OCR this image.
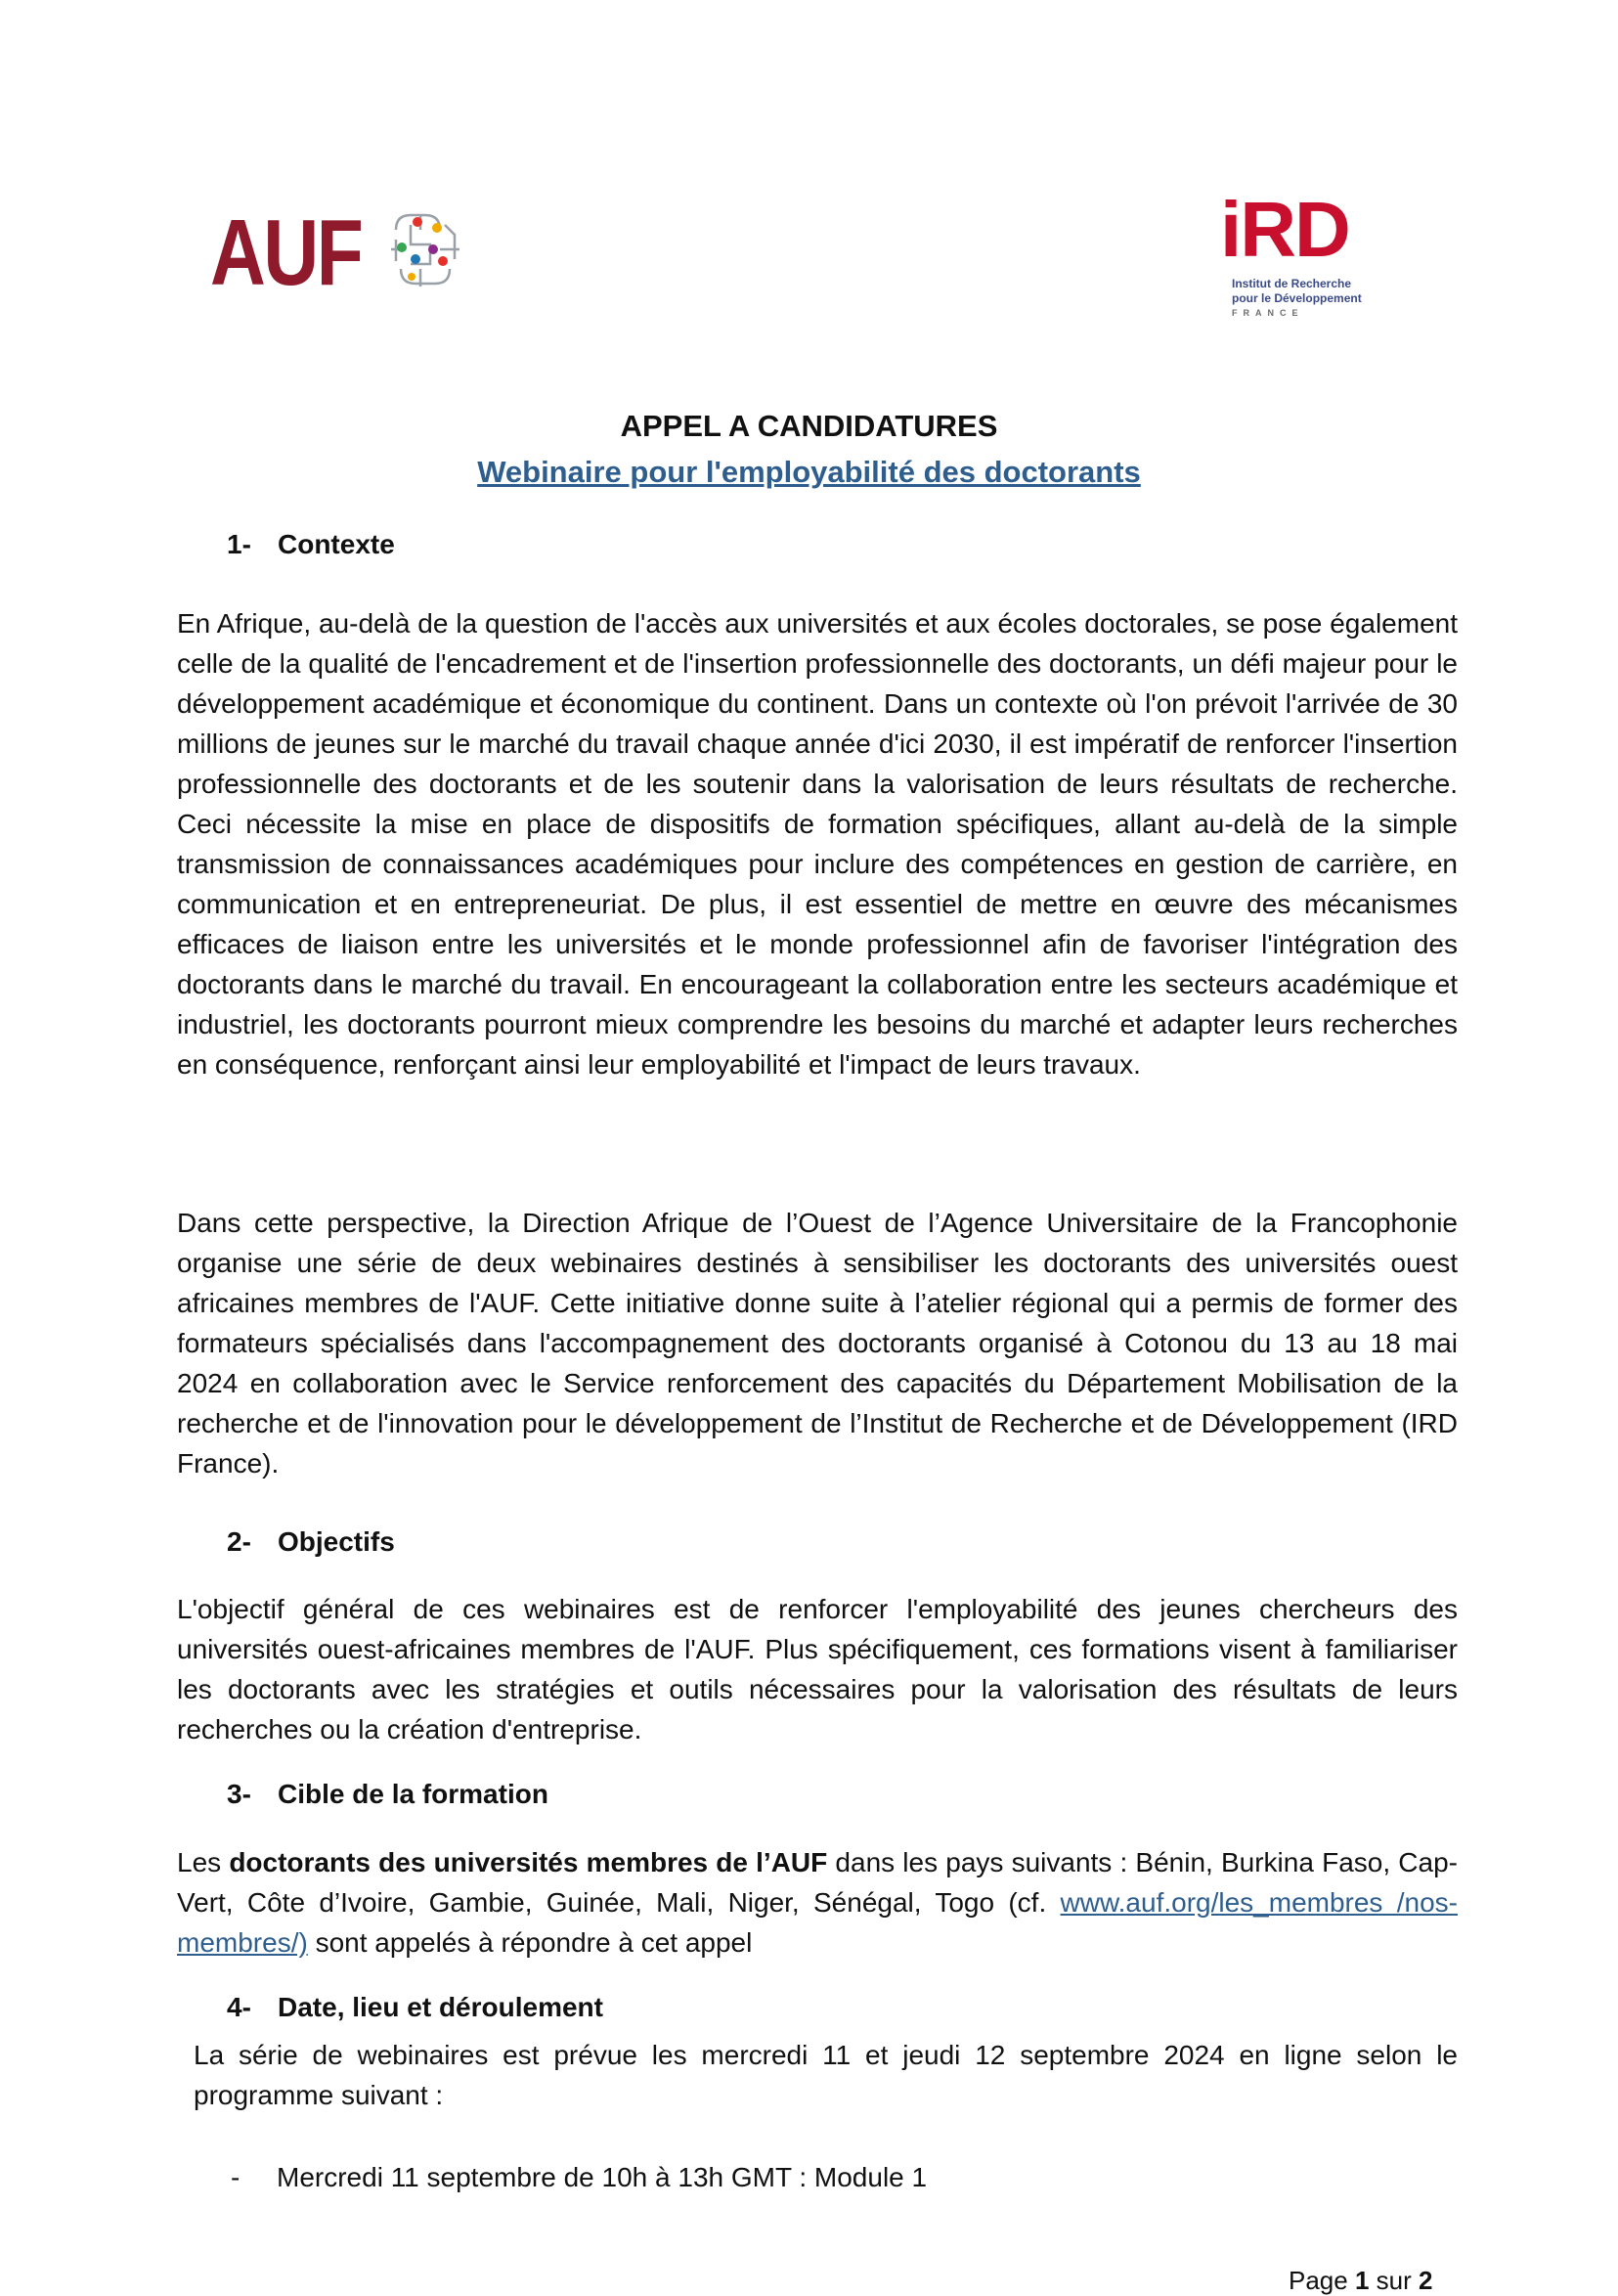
AUF	iRD
Institut de Recherche
pour le Développement
FRANCE
APPEL A CANDIDATURES
Webinaire pour l'employabilité des doctorants
1- Contexte

En Afrique, au-delà de la question de l'accès aux universités et aux écoles doctorales, se pose également celle de la qualité de l'encadrement et de l'insertion professionnelle des doctorants, un défi majeur pour le développement académique et économique du continent. Dans un contexte où l'on prévoit l'arrivée de 30 millions de jeunes sur le marché du travail chaque année d'ici 2030, il est impératif de renforcer l'insertion professionnelle des doctorants et de les soutenir dans la valorisation de leurs résultats de recherche. Ceci nécessite la mise en place de dispositifs de formation spécifiques, allant au-delà de la simple transmission de connaissances académiques pour inclure des compétences en gestion de carrière, en communication et en entrepreneuriat. De plus, il est essentiel de mettre en œuvre des mécanismes efficaces de liaison entre les universités et le monde professionnel afin de favoriser l'intégration des doctorants dans le marché du travail. En encourageant la collaboration entre les secteurs académique et industriel, les doctorants pourront mieux comprendre les besoins du marché et adapter leurs recherches en conséquence, renforçant ainsi leur employabilité et l'impact de leurs travaux.

Dans cette perspective, la Direction Afrique de l’Ouest de l’Agence Universitaire de la Francophonie organise une série de deux webinaires destinés à sensibiliser les doctorants des universités ouest africaines membres de l'AUF. Cette initiative donne suite à l’atelier régional qui a permis de former des formateurs spécialisés dans l'accompagnement des doctorants organisé à Cotonou du 13 au 18 mai 2024 en collaboration avec le Service renforcement des capacités du Département Mobilisation de la recherche et de l'innovation pour le développement de l’Institut de Recherche et de Développement (IRD France).

2- Objectifs

L'objectif général de ces webinaires est de renforcer l'employabilité des jeunes chercheurs des universités ouest-africaines membres de l'AUF. Plus spécifiquement, ces formations visent à familiariser les doctorants avec les stratégies et outils nécessaires pour la valorisation des résultats de leurs recherches ou la création d'entreprise.

3- Cible de la formation

Les doctorants des universités membres de l’AUF dans les pays suivants : Bénin, Burkina Faso, Cap-Vert, Côte d’Ivoire, Gambie, Guinée, Mali, Niger, Sénégal, Togo (cf. www.auf.org/les_membres /nos-membres/) sont appelés à répondre à cet appel

4- Date, lieu et déroulement

La série de webinaires est prévue les mercredi 11 et jeudi 12 septembre 2024 en ligne selon le programme suivant :

- Mercredi 11 septembre de 10h à 13h GMT : Module 1
Page 1 sur 2
